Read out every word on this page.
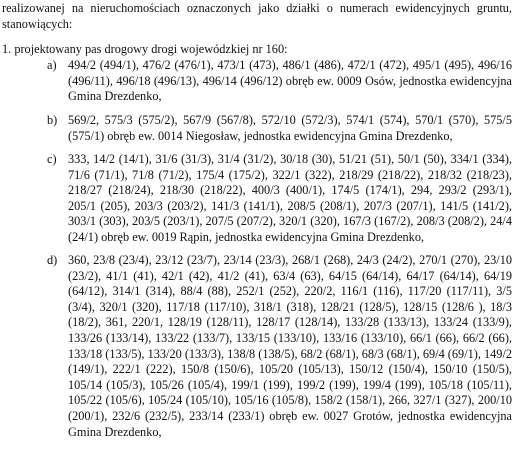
realizowanej na nieruchomościach oznaczonych jako działki o numerach ewidencyjnych gruntu, stanowiących:
1. projektowany pas drogowy drogi wojewódzkiej nr 160:
a) 494/2 (494/1), 476/2 (476/1), 473/1 (473), 486/1 (486), 472/1 (472), 495/1 (495), 496/16 (496/11), 496/18 (496/13), 496/14 (496/12) obręb ew. 0009 Osów, jednostka ewidencyjna Gmina Drezdenko,
b) 569/2, 575/3 (575/2), 567/9 (567/8), 572/10 (572/3), 574/1 (574), 570/1 (570), 575/5 (575/1) obręb ew. 0014 Niegosław, jednostka ewidencyjna Gmina Drezdenko,
c) 333, 14/2 (14/1), 31/6 (31/3), 31/4 (31/2), 30/18 (30), 51/21 (51), 50/1 (50), 334/1 (334), 71/6 (71/1), 71/8 (71/2), 175/4 (175/2), 322/1 (322), 218/29 (218/22), 218/32 (218/23), 218/27 (218/24), 218/30 (218/22), 400/3 (400/1), 174/5 (174/1), 294, 293/2 (293/1), 205/1 (205), 203/3 (203/2), 141/3 (141/1), 208/5 (208/1), 207/3 (207/1), 141/5 (141/2), 303/1 (303), 203/5 (203/1), 207/5 (207/2), 320/1 (320), 167/3 (167/2), 208/3 (208/2), 24/4 (24/1) obręb ew. 0019 Rąpin, jednostka ewidencyjna Gmina Drezdenko,
d) 360, 23/8 (23/4), 23/12 (23/7), 23/14 (23/3), 268/1 (268), 24/3 (24/2), 270/1 (270), 23/10 (23/2), 41/1 (41), 42/1 (42), 41/2 (41), 63/4 (63), 64/15 (64/14), 64/17 (64/14), 64/19 (64/12), 314/1 (314), 88/4 (88), 252/1 (252), 220/2, 116/1 (116), 117/20 (117/11), 3/5 (3/4), 320/1 (320), 117/18 (117/10), 318/1 (318), 128/21 (128/5), 128/15 (128/6 ), 18/3 (18/2), 361, 220/1, 128/19 (128/11), 128/17 (128/14), 133/28 (133/13), 133/24 (133/9), 133/26 (133/14), 133/22 (133/7), 133/15 (133/10), 133/16 (133/10), 66/1 (66), 66/2 (66), 133/18 (133/5), 133/20 (133/3), 138/8 (138/5), 68/2 (68/1), 68/3 (68/1), 69/4 (69/1), 149/2 (149/1), 222/1 (222), 150/8 (150/6), 105/20 (105/13), 150/12 (150/4), 150/10 (150/5), 105/14 (105/3), 105/26 (105/4), 199/1 (199), 199/2 (199), 199/4 (199), 105/18 (105/11), 105/22 (105/6), 105/24 (105/10), 105/16 (105/8), 158/2 (158/1), 266, 327/1 (327), 200/10 (200/1), 232/6 (232/5), 233/14 (233/1) obręb ew. 0027 Grotów, jednostka ewidencyjna Gmina Drezdenko,
